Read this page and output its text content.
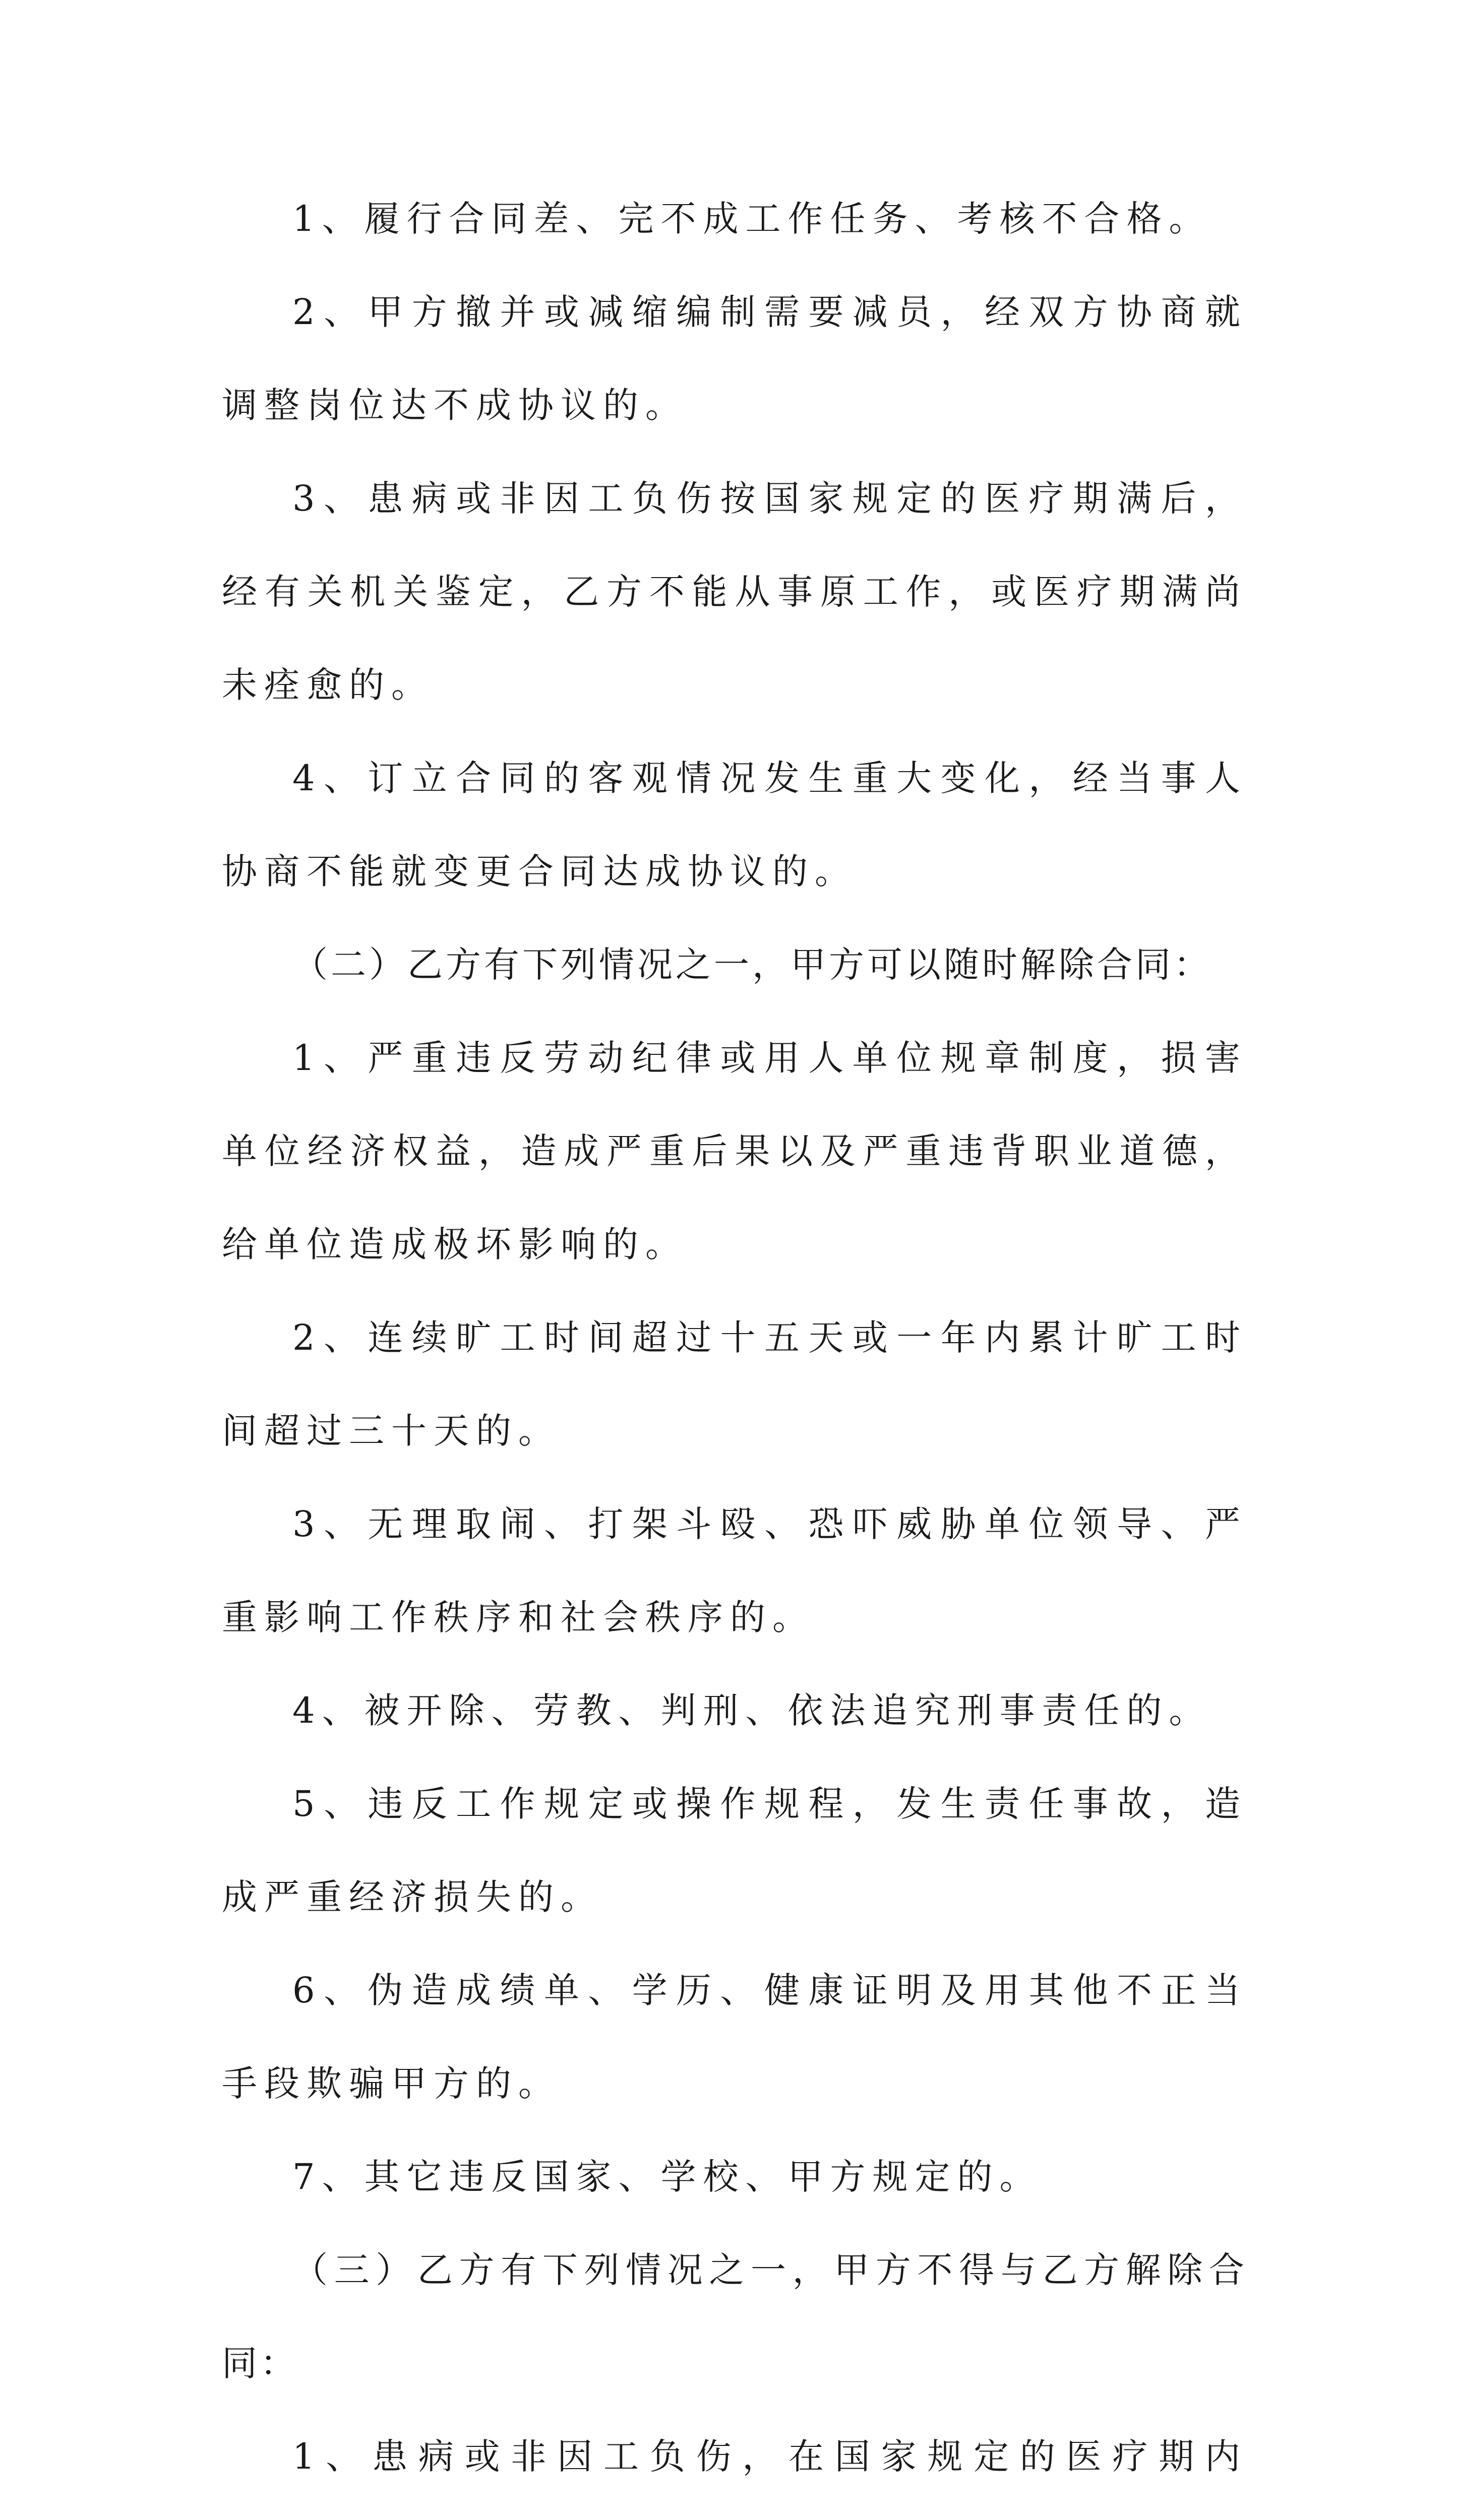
1、履行合同差、完不成工作任务、考核不合格。

2、甲方撤并或减缩编制需要减员，经双方协商就调整岗位达不成协议的。

3、患病或非因工负伤按国家规定的医疗期满后，经有关机关鉴定，乙方不能从事原工作，或医疗期满尚未痊愈的。

4、订立合同的客观情况发生重大变化，经当事人协商不能就变更合同达成协议的。

（二）乙方有下列情况之一，甲方可以随时解除合同：

1、严重违反劳动纪律或用人单位规章制度，损害单位经济权益，造成严重后果以及严重违背职业道德，给单位造成极坏影响的。

2、连续旷工时间超过十五天或一年内累计旷工时间超过三十天的。

3、无理取闹、打架斗殴、恐吓威胁单位领导、严重影响工作秩序和社会秩序的。

4、被开除、劳教、判刑、依法追究刑事责任的。

5、违反工作规定或操作规程，发生责任事故，造成严重经济损失的。

6、伪造成绩单、学历、健康证明及用其他不正当手段欺骗甲方的。

7、其它违反国家、学校、甲方规定的。

（三）乙方有下列情况之一，甲方不得与乙方解除合同：

1、患病或非因工负伤，在国家规定的医疗期内
